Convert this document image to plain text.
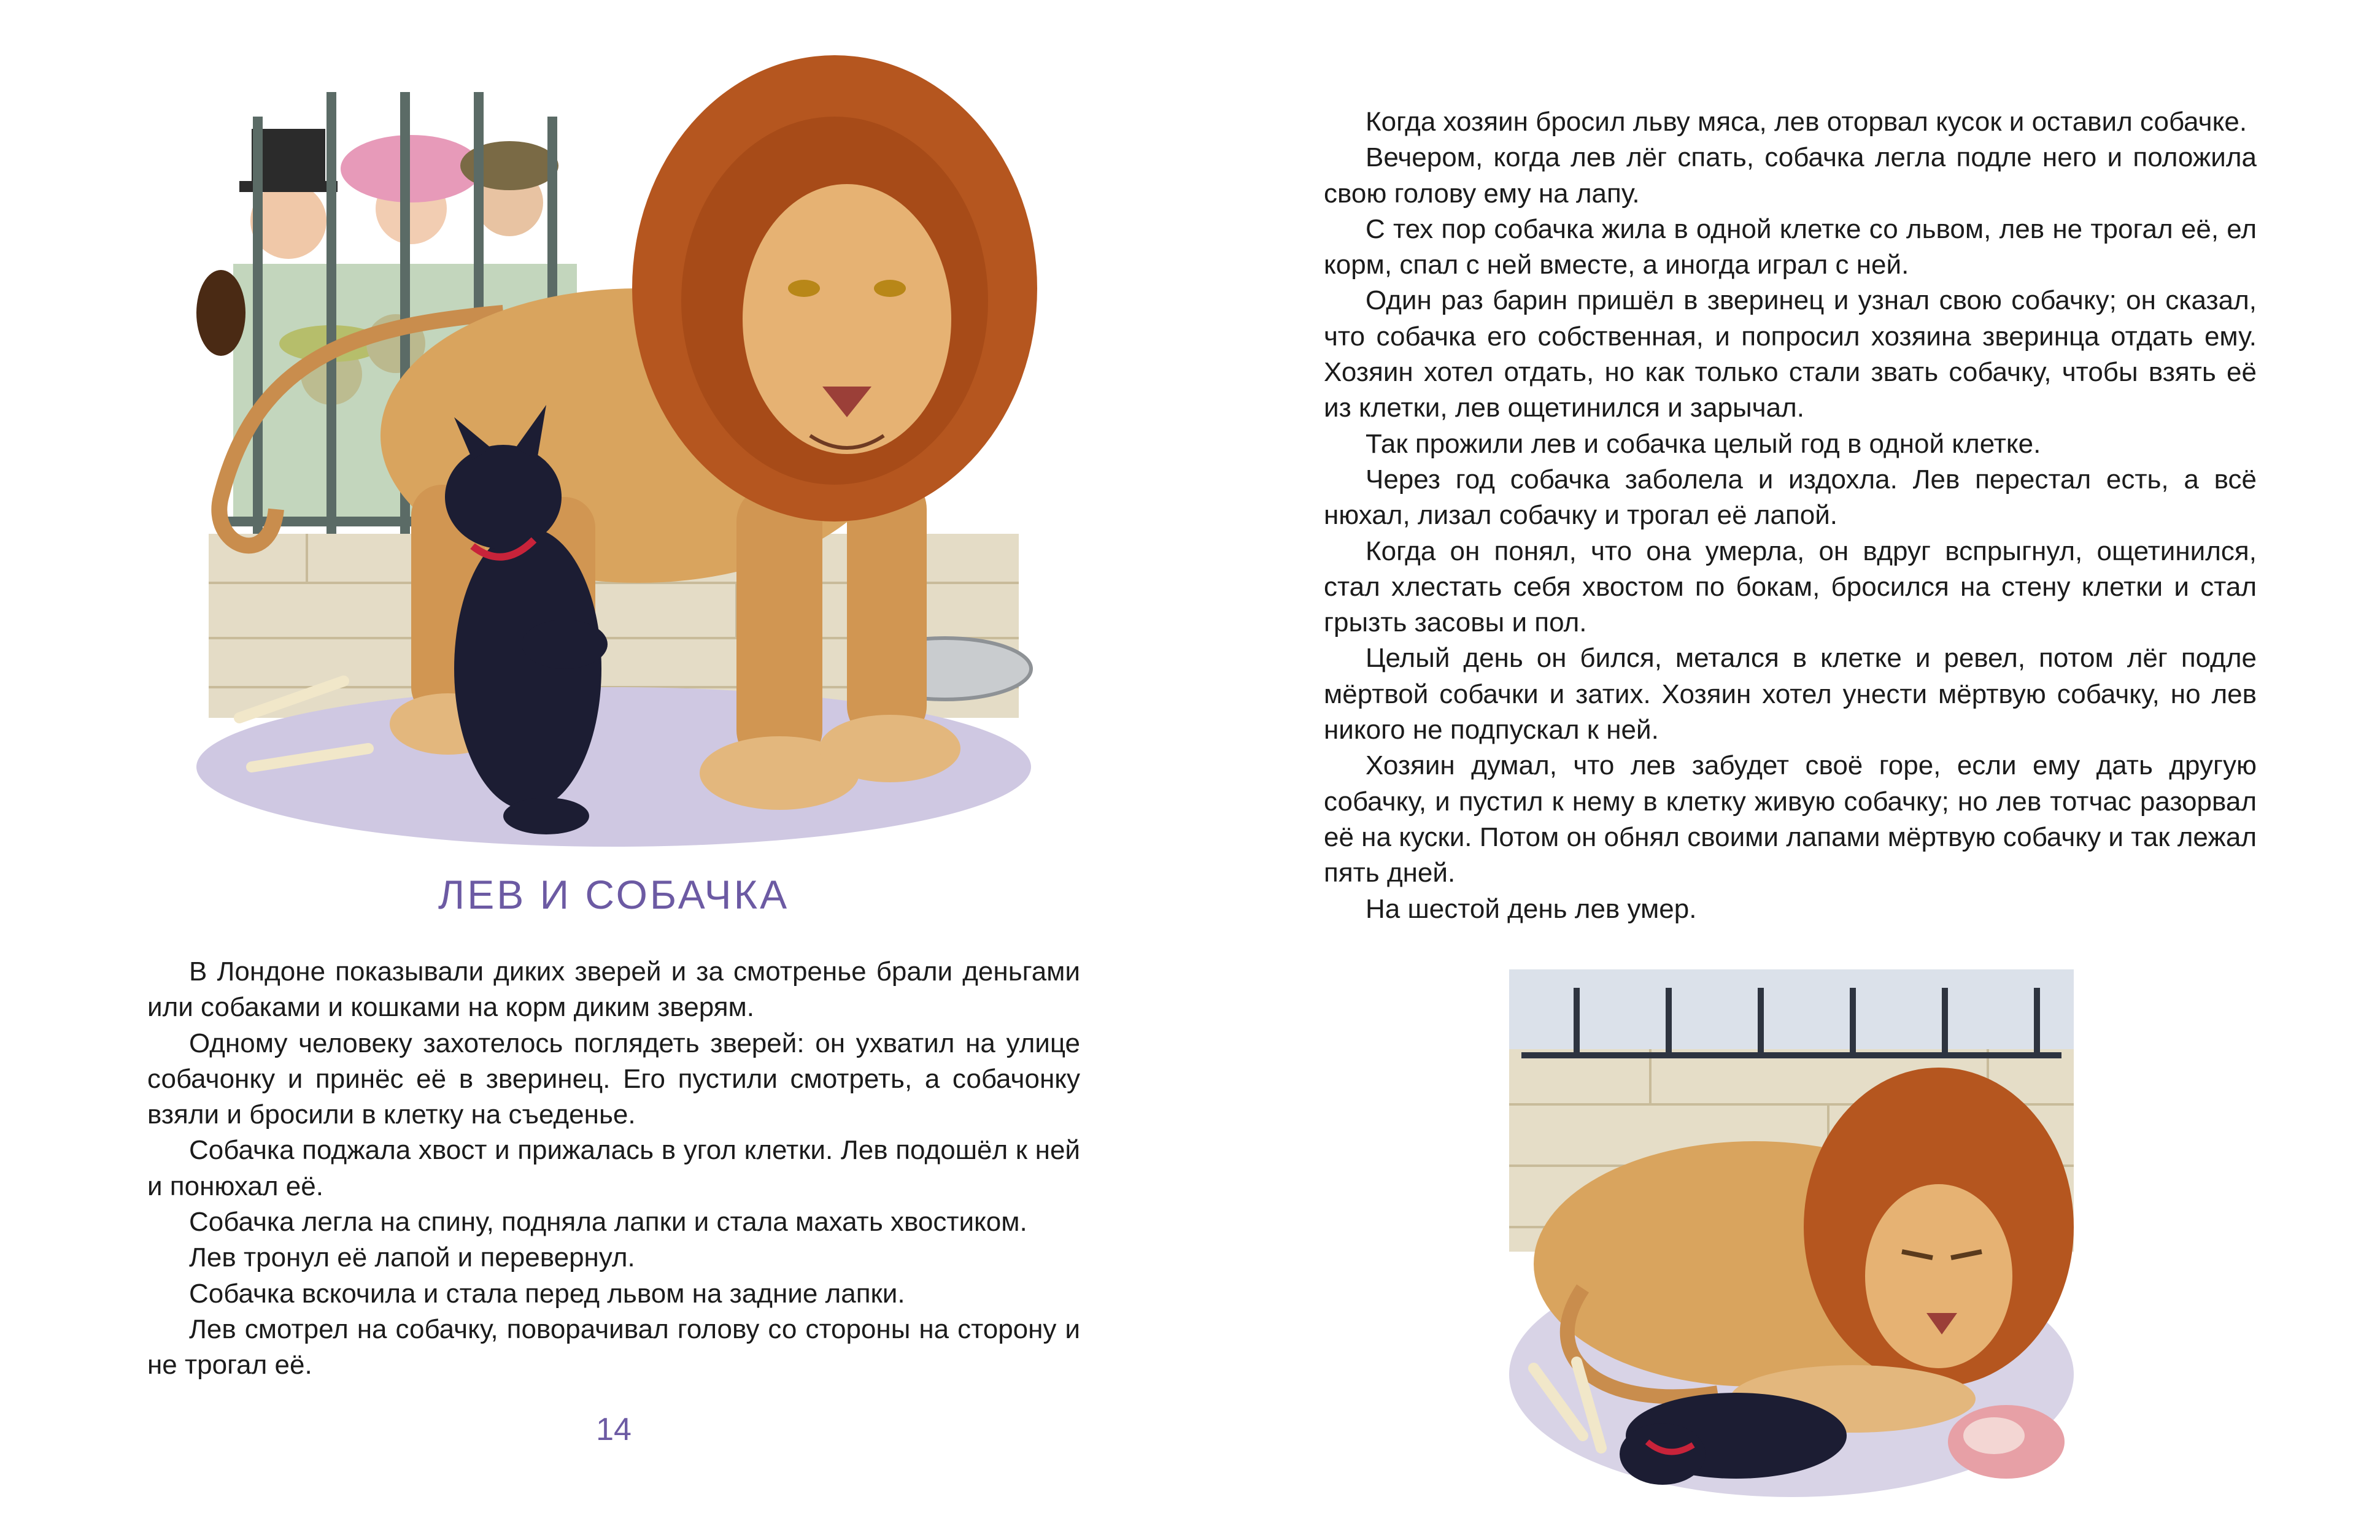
ЛЕВ И СОБАЧКА

В Лондоне показывали диких зверей и за смотренье брали деньгами или собаками и кошками на корм диким зверям.

Одному человеку захотелось поглядеть зверей: он ухватил на улице собачонку и принёс её в зверинец. Его пустили смотреть, а собачонку взяли и бросили в клетку на съеденье.

Собачка поджала хвост и прижалась в угол клетки. Лев подошёл к ней и понюхал её.

Собачка легла на спину, подняла лапки и стала махать хвостиком.

Лев тронул её лапой и перевернул.

Собачка вскочила и стала перед львом на задние лапки.

Лев смотрел на собачку, поворачивал голову со стороны на сторону и не трогал её.

14

Когда хозяин бросил льву мяса, лев оторвал кусок и оставил собачке.

Вечером, когда лев лёг спать, собачка легла подле него и положила свою голову ему на лапу.

С тех пор собачка жила в одной клетке со львом, лев не трогал её, ел корм, спал с ней вместе, а иногда играл с ней.

Один раз барин пришёл в зверинец и узнал свою собачку; он сказал, что собачка его собственная, и попросил хозяина зверинца отдать ему. Хозяин хотел отдать, но как только стали звать собачку, чтобы взять её из клетки, лев ощетинился и зарычал.

Так прожили лев и собачка целый год в одной клетке.

Через год собачка заболела и издохла. Лев перестал есть, а всё нюхал, лизал собачку и трогал её лапой.

Когда он понял, что она умерла, он вдруг вспрыгнул, ощетинился, стал хлестать себя хвостом по бокам, бросился на стену клетки и стал грызть засовы и пол.

Целый день он бился, метался в клетке и ревел, потом лёг подле мёртвой собачки и затих. Хозяин хотел унести мёртвую собачку, но лев никого не подпускал к ней.

Хозяин думал, что лев забудет своё горе, если ему дать другую собачку, и пустил к нему в клетку живую собачку; но лев тотчас разорвал её на куски. Потом он обнял своими лапами мёртвую собачку и так лежал пять дней.

На шестой день лев умер.
